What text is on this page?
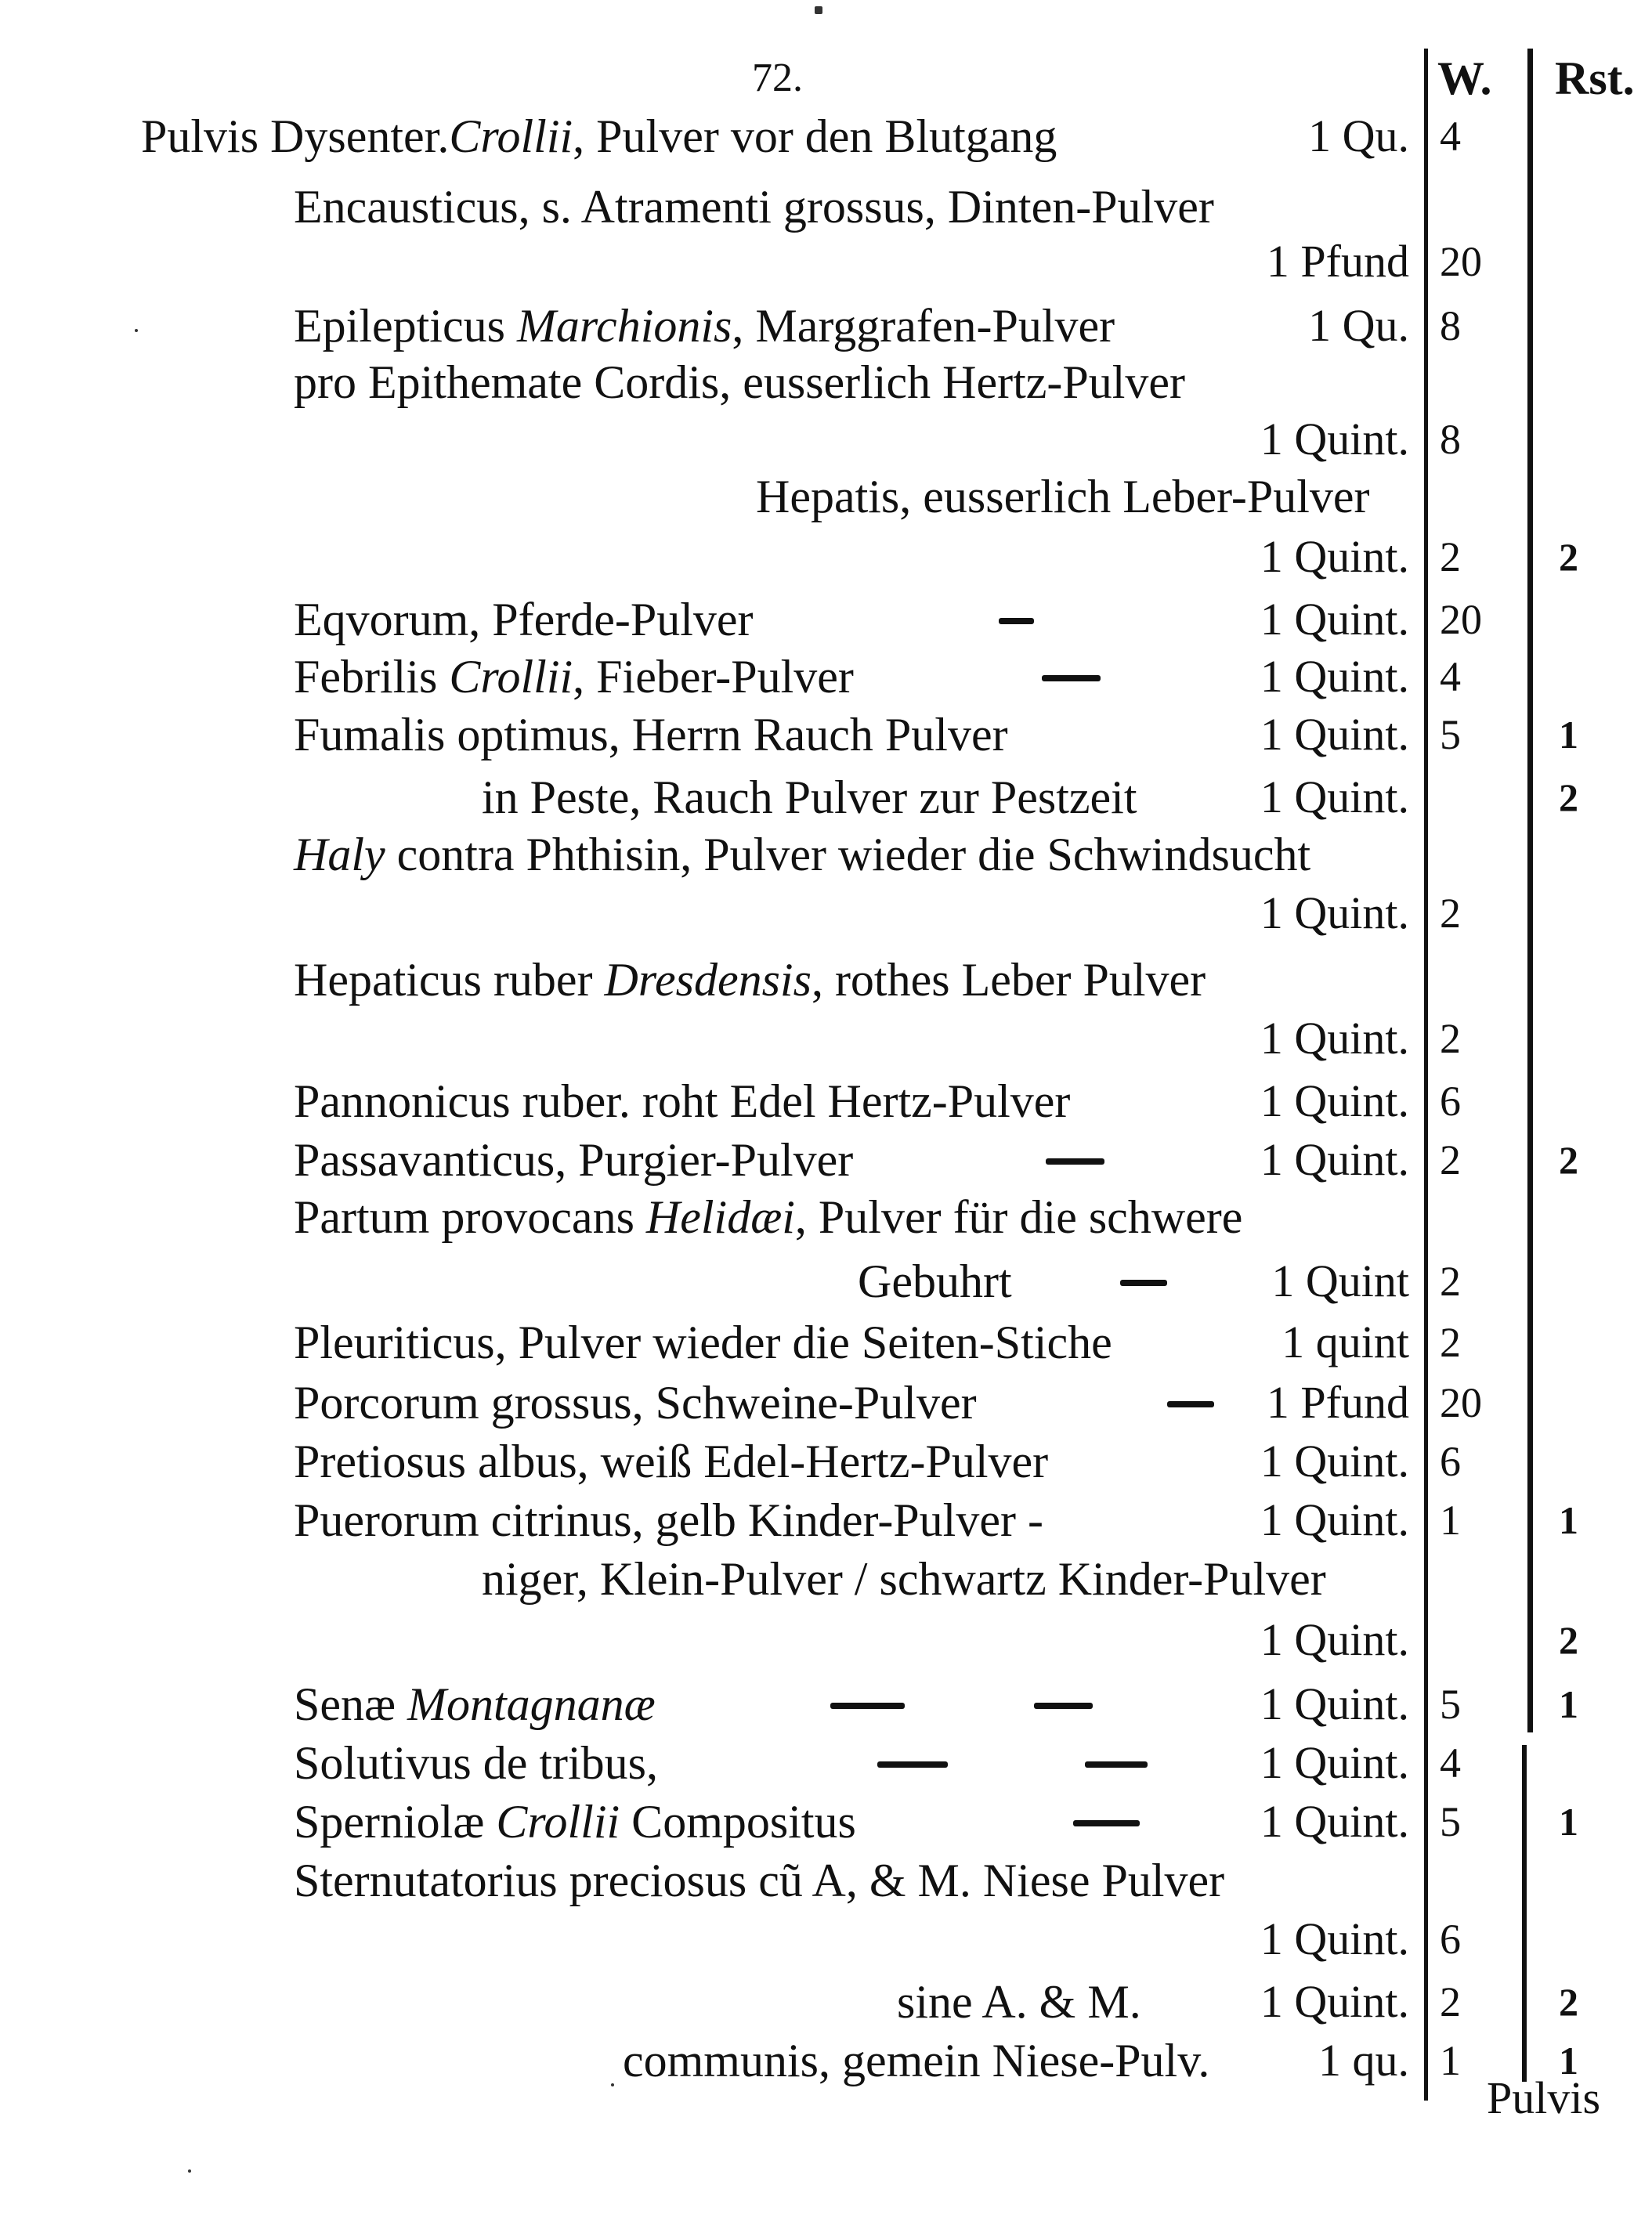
72.	W. Rst.
Pulvis Dysenter.Crollii, Pulver vor den Blutgang	1 Qu. 4
Encausticus, s. Atramenti grossus, Dinten-Pulver
1 Pfund 20
Epilepticus Marchionis, Marggrafen-Pulver	1 Qu. 8
pro Epithemate Cordis, eusserlich Hertz-Pulver
1 Quint. 8
Hepatis, eusserlich Leber-Pulver
1 Quint. 2	2
Eqvorum, Pferde-Pulver	1 Quint. 20
Febrilis Crollii, Fieber-Pulver	1 Quint. 4
Fumalis optimus, Herrn Rauch Pulver	1 Quint. 5	1
in Peste, Rauch Pulver zur Pestzeit	1 Quint.	2
Haly contra Phthisin, Pulver wieder die Schwindsucht
1 Quint. 2
Hepaticus ruber Dresdensis, rothes Leber Pulver
1 Quint. 2
Pannonicus ruber. roht Edel Hertz-Pulver	1 Quint. 6
Passavanticus, Purgier-Pulver	1 Quint. 2	2
Partum provocans Helidæi, Pulver für die schwere
Gebuhrt	1 Quint 2
Pleuriticus, Pulver wieder die Seiten-Stiche	1 quint 2
Porcorum grossus, Schweine-Pulver	1 Pfund 20
Pretiosus albus, weiß Edel-Hertz-Pulver	1 Quint. 6
Puerorum citrinus, gelb Kinder-Pulver -	1 Quint. 1	1
niger, Klein-Pulver / schwartz Kinder-Pulver
1 Quint.	2
Senæ Montagnanæ	1 Quint. 5	1
Solutivus de tribus,	1 Quint. 4
Sperniolæ Crollii Compositus	1 Quint. 5	1
Sternutatorius preciosus cũ A, & M. Niese Pulver
1 Quint. 6
sine A. & M.	1 Quint. 2	2
communis, gemein Niese-Pulv. 1 qu. 1	1
Pulvis
